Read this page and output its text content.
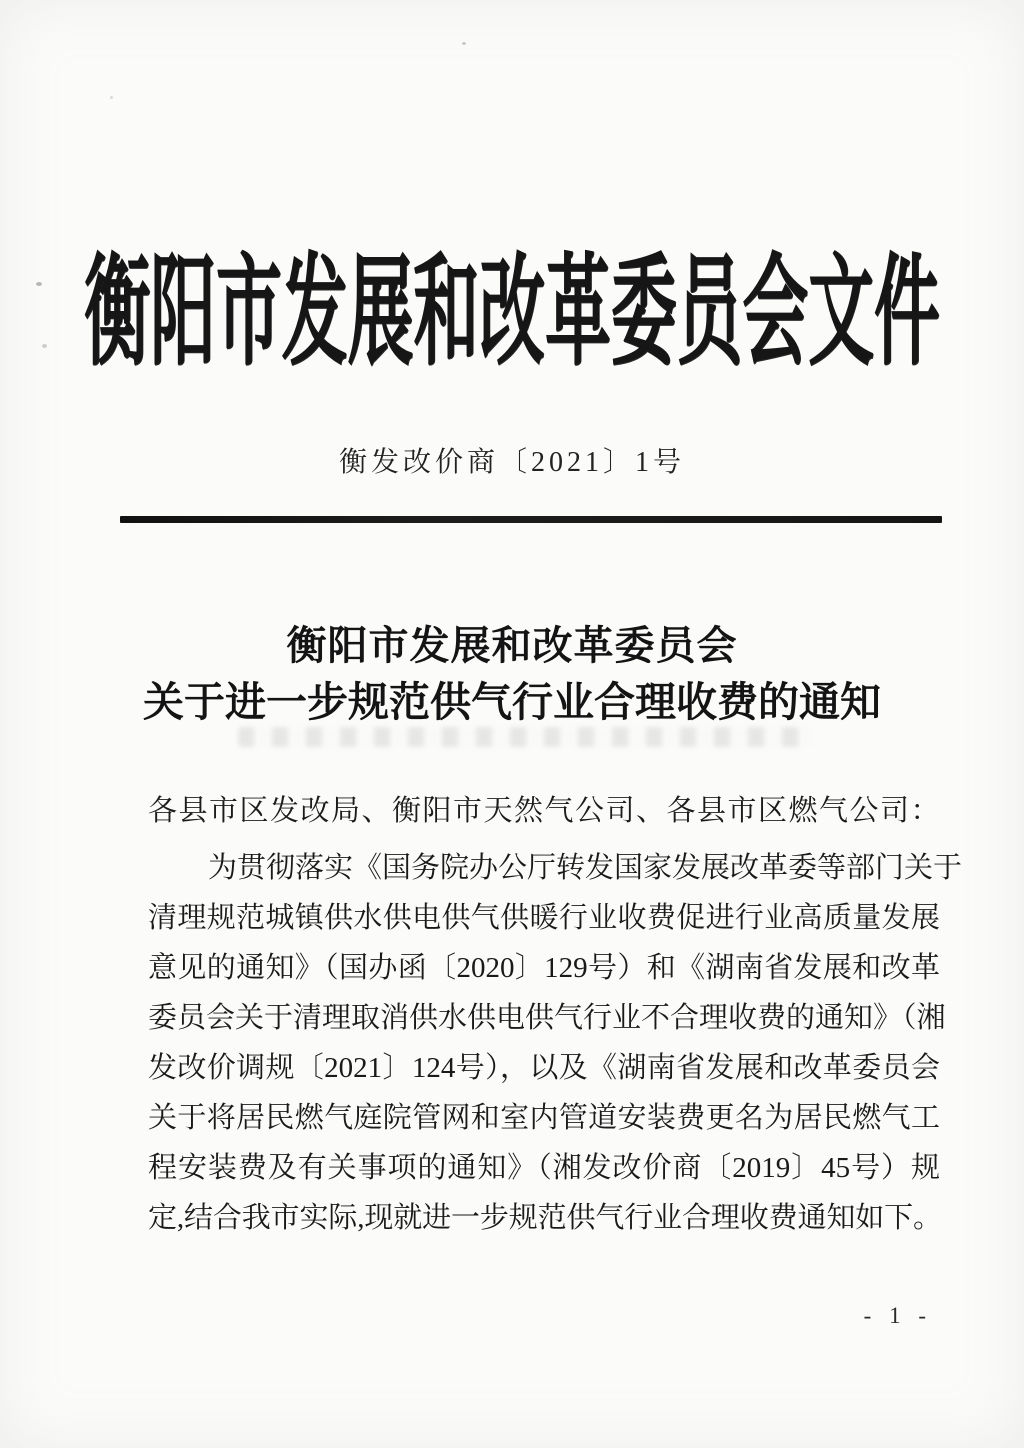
衡阳市发展和改革委员会文件
衡发改价商〔2021〕1号
衡阳市发展和改革委员会
关于进一步规范供气行业合理收费的通知
各县市区发改局、衡阳市天然气公司、各县市区燃气公司：
为贯彻落实《国务院办公厅转发国家发展改革委等部门关于
清理规范城镇供水供电供气供暖行业收费促进行业高质量发展
意见的通知》（国办函〔2020〕129号）和《湖南省发展和改革
委员会关于清理取消供水供电供气行业不合理收费的通知》（湘
发改价调规〔2021〕124号），以及《湖南省发展和改革委员会
关于将居民燃气庭院管网和室内管道安装费更名为居民燃气工
程安装费及有关事项的通知》（湘发改价商〔2019〕45号）规
定,结合我市实际,现就进一步规范供气行业合理收费通知如下。
- 1 -
